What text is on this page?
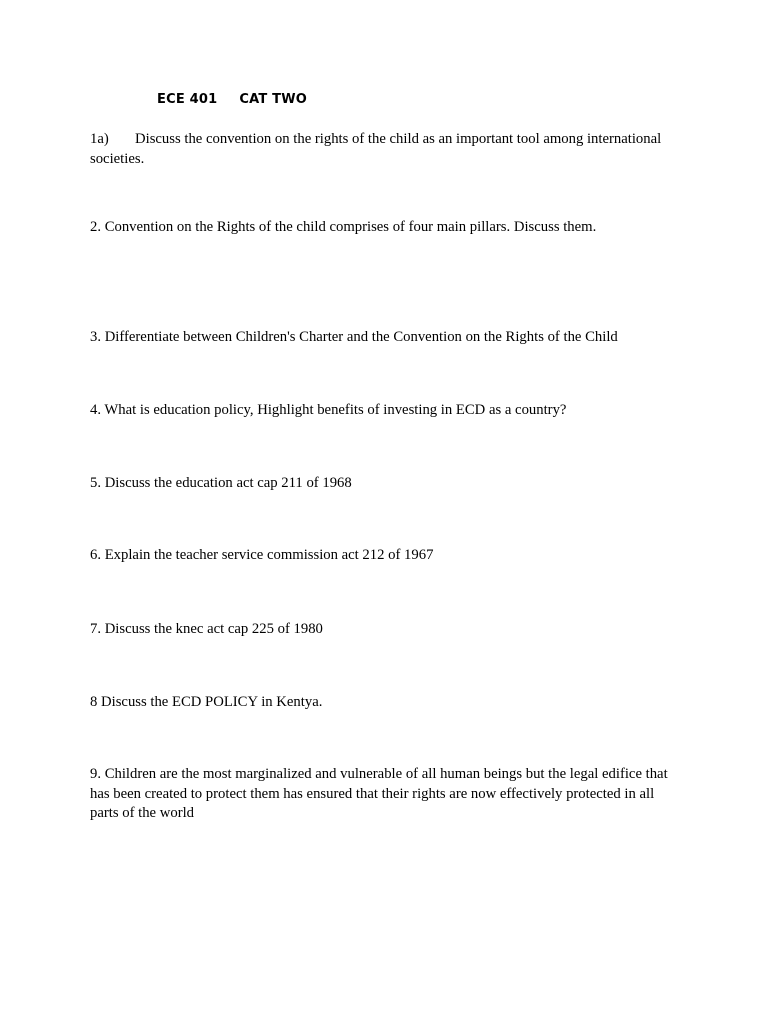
ECE 401 CAT TWO

1a) Discuss the convention on the rights of the child as an important tool among international societies.

2. Convention on the Rights of the child comprises of four main pillars. Discuss them.

3. Differentiate between Children's Charter and the Convention on the Rights of the Child

4. What is education policy, Highlight benefits of investing in ECD as a country?

5. Discuss the education act cap 211 of 1968

6. Explain the teacher service commission act 212 of 1967

7. Discuss the knec act cap 225 of 1980

8 Discuss the ECD POLICY in Kentya.

9. Children are the most marginalized and vulnerable of all human beings but the legal edifice that has been created to protect them has ensured that their rights are now effectively protected in all parts of the world
